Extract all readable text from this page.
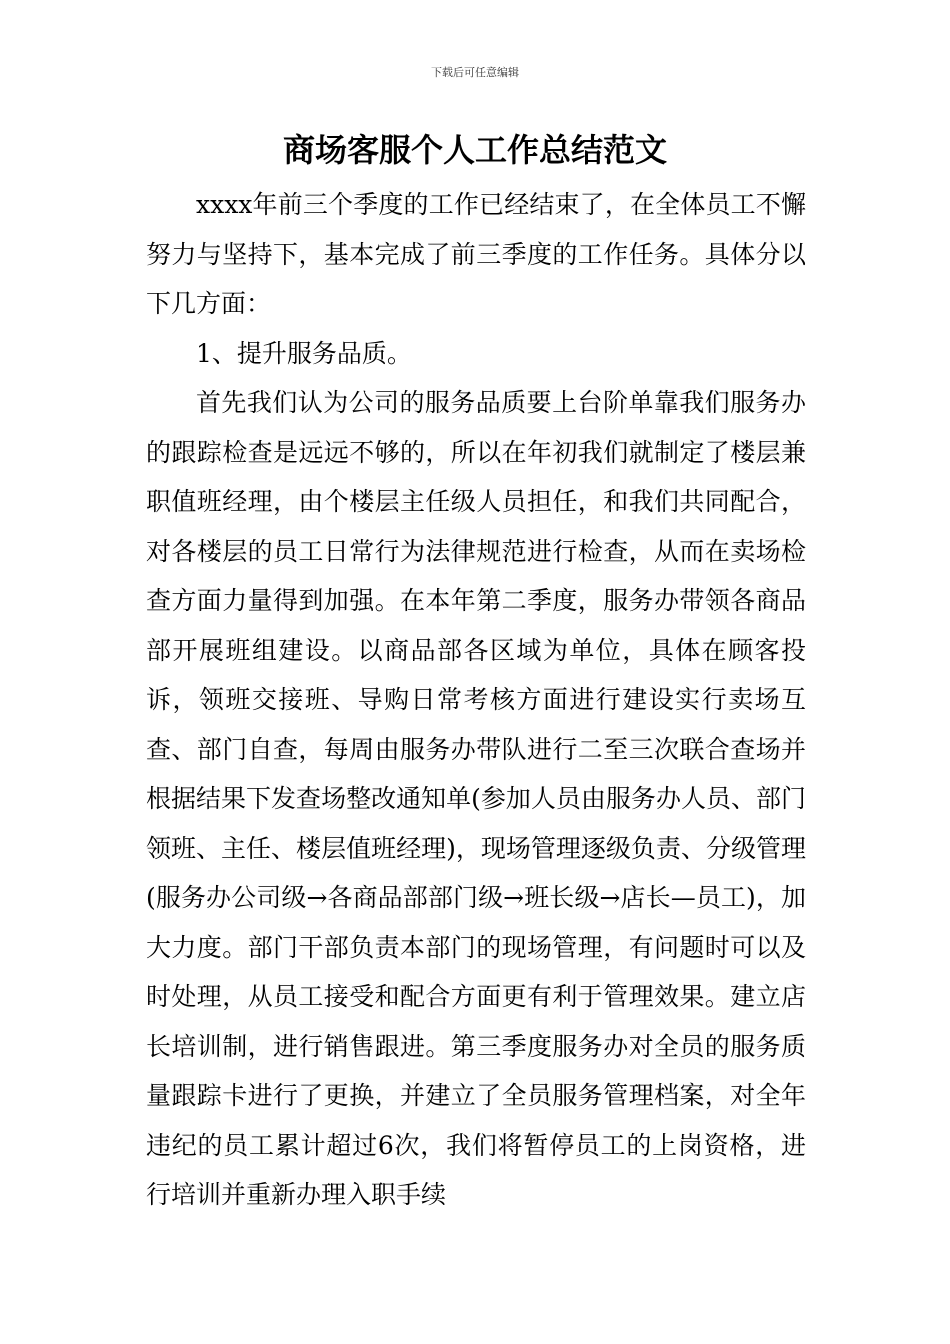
下载后可任意编辑
商场客服个人工作总结范文

xxxx年前三个季度的工作已经结束了，在全体员工不懈努力与坚持下，基本完成了前三季度的工作任务。具体分以下几方面：

1、提升服务品质。

首先我们认为公司的服务品质要上台阶单靠我们服务办的跟踪检查是远远不够的，所以在年初我们就制定了楼层兼职值班经理，由个楼层主任级人员担任，和我们共同配合，对各楼层的员工日常行为法律规范进行检查，从而在卖场检查方面力量得到加强。在本年第二季度，服务办带领各商品部开展班组建设。以商品部各区域为单位，具体在顾客投诉，领班交接班、导购日常考核方面进行建设实行卖场互查、部门自查，每周由服务办带队进行二至三次联合查场并根据结果下发查场整改通知单(参加人员由服务办人员、部门领班、主任、楼层值班经理)，现场管理逐级负责、分级管理(服务办公司级→各商品部部门级→班长级→店长—员工)，加大力度。部门干部负责本部门的现场管理，有问题时可以及时处理，从员工接受和配合方面更有利于管理效果。建立店长培训制，进行销售跟进。第三季度服务办对全员的服务质量跟踪卡进行了更换，并建立了全员服务管理档案，对全年违纪的员工累计超过6次，我们将暂停员工的上岗资格，进行培训并重新办理入职手续
